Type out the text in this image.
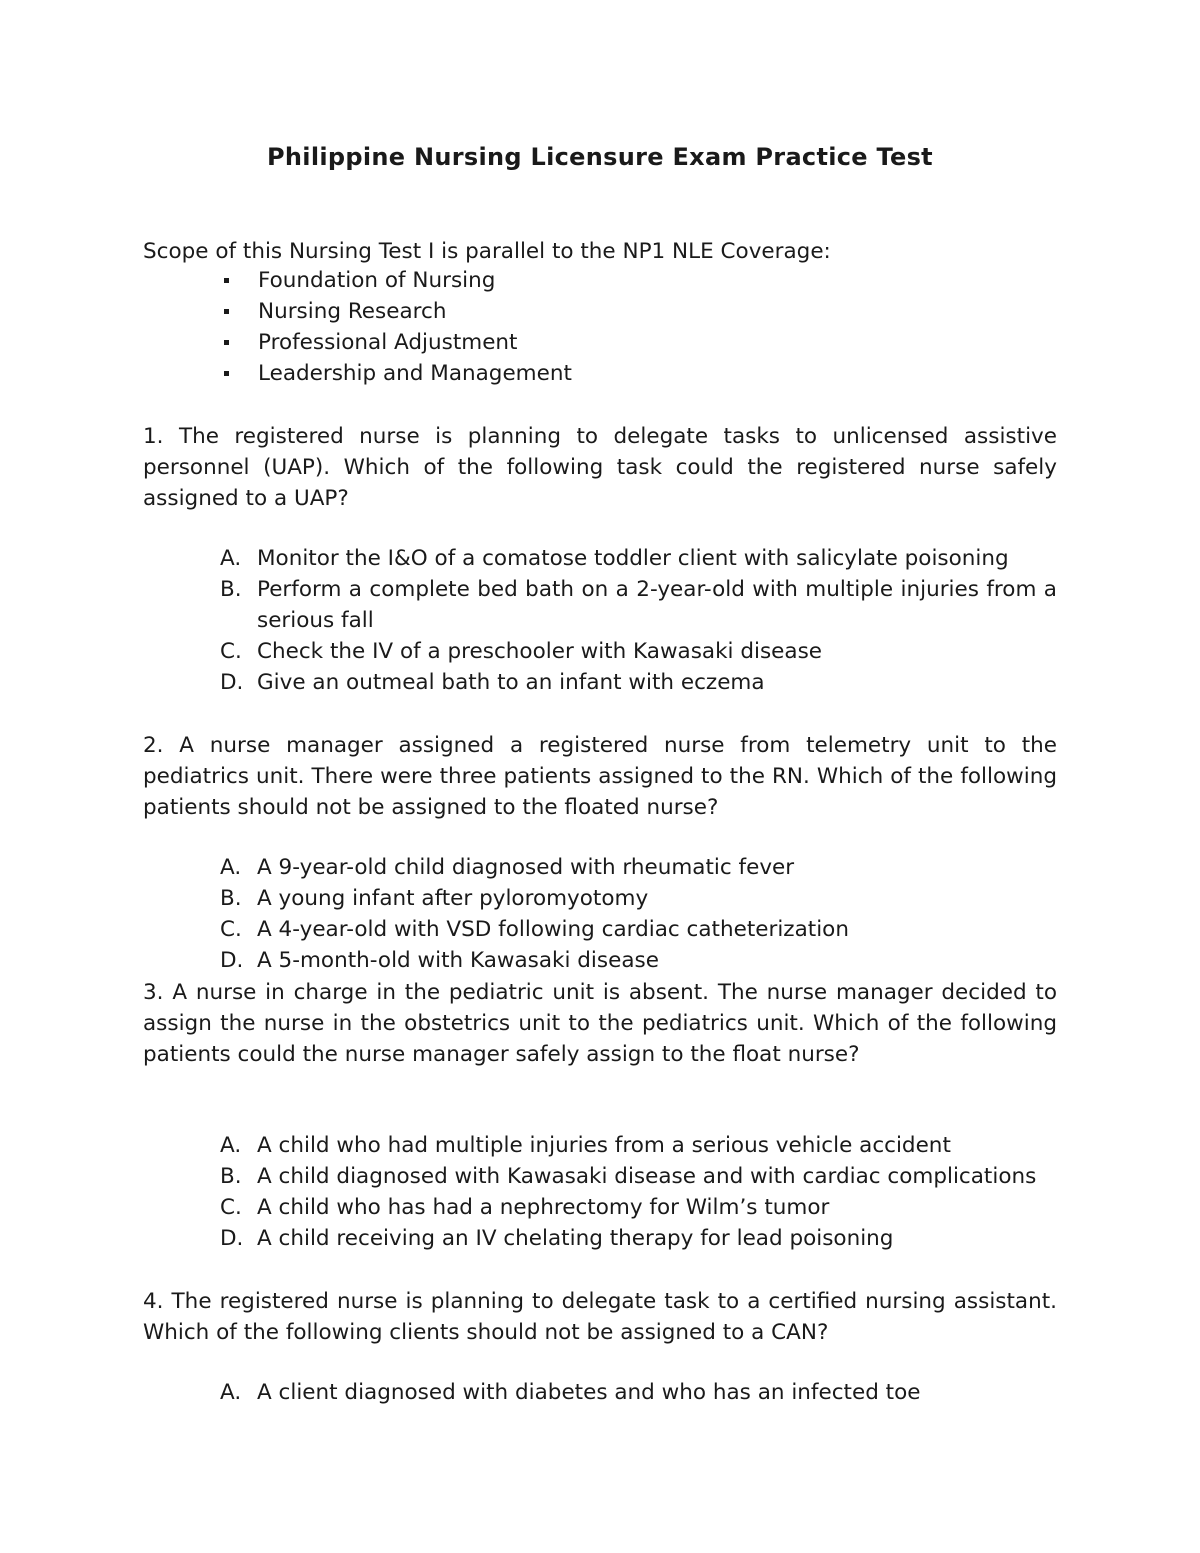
Philippine Nursing Licensure Exam Practice Test
Scope of this Nursing Test I is parallel to the NP1 NLE Coverage:
Foundation of Nursing
Nursing Research
Professional Adjustment
Leadership and Management
1. The registered nurse is planning to delegate tasks to unlicensed assistive personnel (UAP). Which of the following task could the registered nurse safely assigned to a UAP?
A. Monitor the I&O of a comatose toddler client with salicylate poisoning
B. Perform a complete bed bath on a 2-year-old with multiple injuries from a serious fall
C. Check the IV of a preschooler with Kawasaki disease
D. Give an outmeal bath to an infant with eczema
2. A nurse manager assigned a registered nurse from telemetry unit to the pediatrics unit. There were three patients assigned to the RN. Which of the following patients should not be assigned to the floated nurse?
A. A 9-year-old child diagnosed with rheumatic fever
B. A young infant after pyloromyotomy
C. A 4-year-old with VSD following cardiac catheterization
D. A 5-month-old with Kawasaki disease
3. A nurse in charge in the pediatric unit is absent. The nurse manager decided to assign the nurse in the obstetrics unit to the pediatrics unit. Which of the following patients could the nurse manager safely assign to the float nurse?
A. A child who had multiple injuries from a serious vehicle accident
B. A child diagnosed with Kawasaki disease and with cardiac complications
C. A child who has had a nephrectomy for Wilm’s tumor
D. A child receiving an IV chelating therapy for lead poisoning
4. The registered nurse is planning to delegate task to a certified nursing assistant. Which of the following clients should not be assigned to a CAN?
A. A client diagnosed with diabetes and who has an infected toe
